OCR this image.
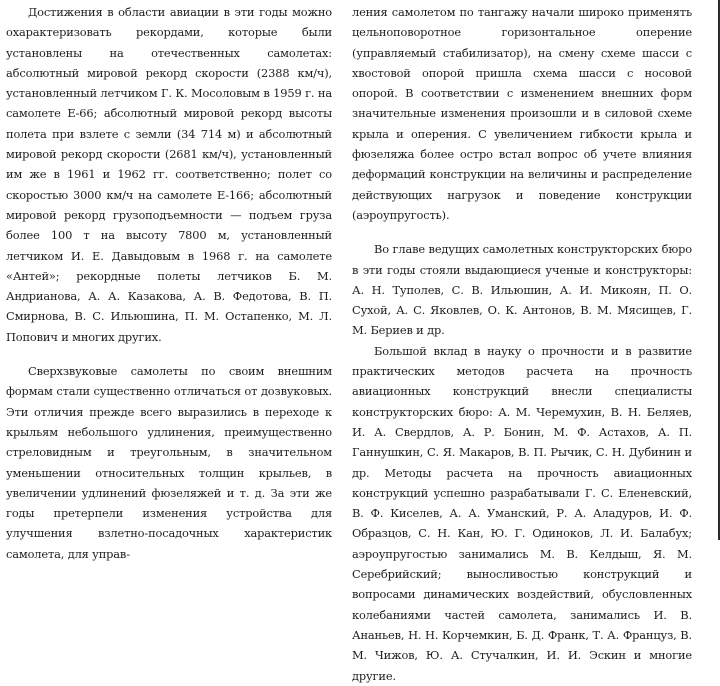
Достижения в области авиации в эти годы можно охарактеризовать рекордами, которые были установлены на отечественных самолетах: абсолютный мировой рекорд скорости (2388 км/ч), установленный летчиком Г. К. Мосоловым в 1959 г. на самолете Е-66; абсолютный мировой рекорд высоты полета при взлете с земли (34 714 м) и абсолютный мировой рекорд скорости (2681 км/ч), установленный им же в 1961 и 1962 гг. соответственно; полет со скоростью 3000 км/ч на самолете Е-166; абсолютный мировой рекорд грузоподъемности — подъем груза более 100 т на высоту 7800 м, установленный летчиком И. Е. Давыдовым в 1968 г. на самолете «Антей»; рекордные полеты летчиков Б. М. Андрианова, А. А. Казакова, А. В. Федотова, В. П. Смирнова, В. С. Ильюшина, П. М. Остапенко, М. Л. Попович и многих других.

Сверхзвуковые самолеты по своим внешним формам стали существенно отличаться от дозвуковых. Эти отличия прежде всего выразились в переходе к крыльям небольшого удлинения, преимущественно стреловидным и треугольным, в значительном уменьшении относительных толщин крыльев, в увеличении удлинений фюзеляжей и т. д. За эти же годы претерпели изменения устройства для улучшения взлетно-посадочных характеристик самолета, для управ-

ления самолетом по тангажу начали широко применять цельноповоротное горизонтальное оперение (управляемый стабилизатор), на смену схеме шасси с хвостовой опорой пришла схема шасси с носовой опорой. В соответствии с изменением внешних форм значительные изменения произошли и в силовой схеме крыла и оперения. С увеличением гибкости крыла и фюзеляжа более остро встал вопрос об учете влияния деформаций конструкции на величины и распределение действующих нагрузок и поведение конструкции (аэроупругость).

Во главе ведущих самолетных конструкторских бюро в эти годы стояли выдающиеся ученые и конструкторы: А. Н. Туполев, С. В. Ильюшин, А. И. Микоян, П. О. Сухой, А. С. Яковлев, О. К. Антонов, В. М. Мясищев, Г. М. Бериев и др.

Большой вклад в науку о прочности и в развитие практических методов расчета на прочность авиационных конструкций внесли специалисты конструкторских бюро: А. М. Черемухин, В. Н. Беляев, И. А. Свердлов, А. Р. Бонин, М. Ф. Астахов, А. П. Ганнушкин, С. Я. Макаров, В. П. Рычик, С. Н. Дубинин и др. Методы расчета на прочность авиационных конструкций успешно разрабатывали Г. С. Еленевский, В. Ф. Киселев, А. А. Уманский, Р. А. Аладуров, И. Ф. Образцов, С. Н. Кан, Ю. Г. Одиноков, Л. И. Балабух; аэроупругостью занимались М. В. Келдыш, Я. М. Серебрийский; выносливостью конструкций и вопросами динамических воздействий, обусловленных колебаниями частей самолета, занимались И. В. Ананьев, Н. Н. Корчемкин, Б. Д. Франк, Т. А. Француз, В. М. Чижов, Ю. А. Стучалкин, И. И. Эскин и многие другие.
